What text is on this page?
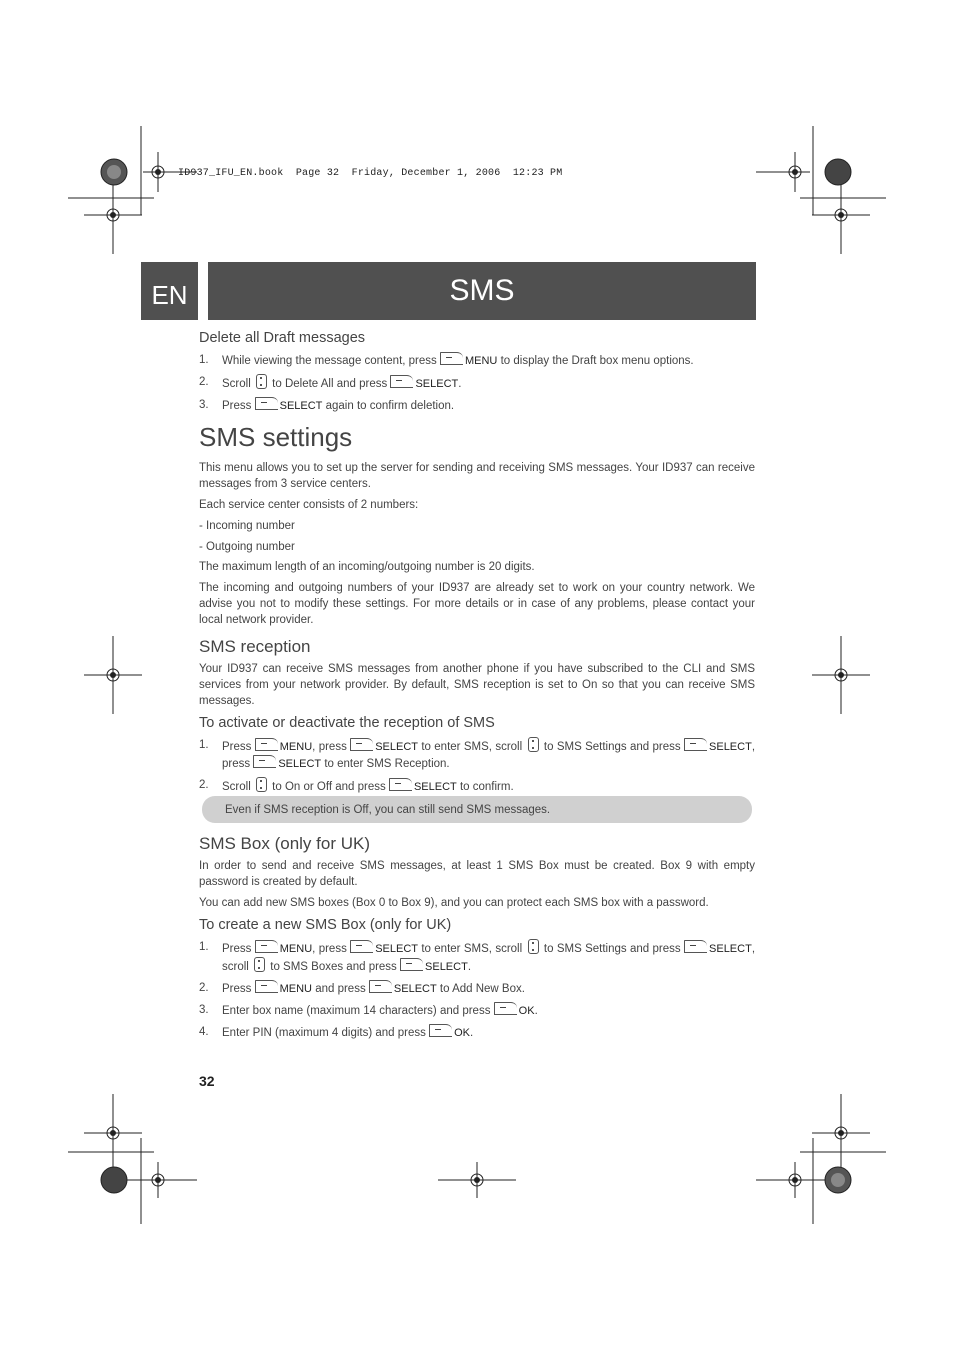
ID937_IFU_EN.book  Page 32  Friday, December 1, 2006  12:23 PM
EN	SMS

Delete all Draft messages

1.	While viewing the message content, press	MENU to display the Draft box menu options.
2.	Scroll to Delete All and press	SELECT.
3.	Press	SELECT again to confirm deletion.
SMS settings

This menu allows you to set up the server for sending and receiving SMS messages. Your ID937 can receive messages from 3 service centers.

Each service center consists of 2 numbers:

- Incoming number

- Outgoing number

The maximum length of an incoming/outgoing number is 20 digits.

The incoming and outgoing numbers of your ID937 are already set to work on your country network. We advise you not to modify these settings. For more details or in case of any problems, please contact your local network provider.

SMS reception

Your ID937 can receive SMS messages from another phone if you have subscribed to the CLI and SMS services from your network provider. By default, SMS reception is set to On so that you can receive SMS messages.

To activate or deactivate the reception of SMS

1.	Press	MENU, press	SELECT to enter SMS, scroll to SMS Settings and press	SELECT, press	SELECT to enter SMS Reception.
2.	Scroll to On or Off and press	SELECT to confirm.
Even if SMS reception is Off, you can still send SMS messages.
SMS Box (only for UK)

In order to send and receive SMS messages, at least 1 SMS Box must be created. Box 9 with empty password is created by default.

You can add new SMS boxes (Box 0 to Box 9), and you can protect each SMS box with a password.

To create a new SMS Box (only for UK)

1.	Press	MENU, press	SELECT to enter SMS, scroll to SMS Settings and press	SELECT, scroll to SMS Boxes and press	SELECT.
2.	Press	MENU and press	SELECT to Add New Box.
3.	Enter box name (maximum 14 characters) and press	OK.
4.	Enter PIN (maximum 4 digits) and press	OK.
32
